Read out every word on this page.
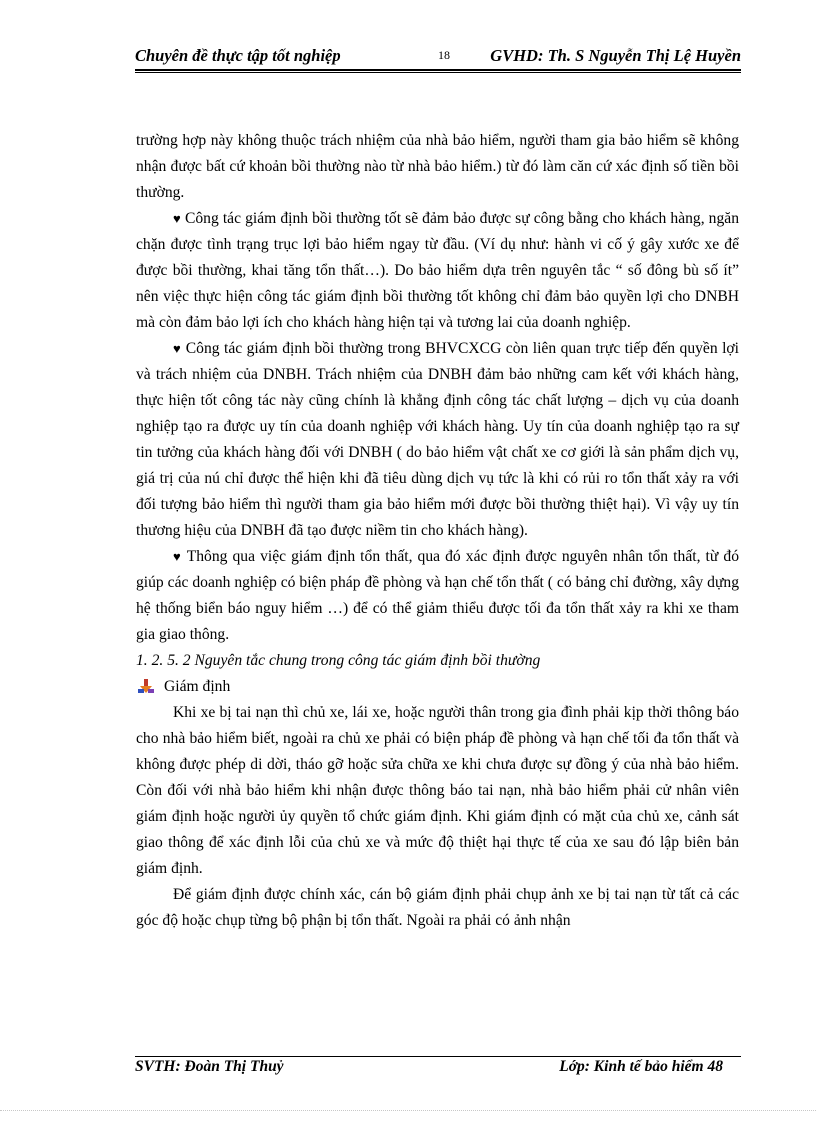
Chuyên đề thực tập tốt nghiệp	18 GVHD: Th. S Nguyễn Thị Lệ Huyền

trường hợp này không thuộc trách nhiệm của nhà bảo hiểm, người tham gia bảo hiểm sẽ không nhận được bất cứ khoản bồi thường nào từ nhà bảo hiểm.) từ đó làm căn cứ xác định số tiền bồi thường.

♥ Công tác giám định bồi thường tốt sẽ đảm bảo được sự công bằng cho khách hàng, ngăn chặn được tình trạng trục lợi bảo hiểm ngay từ đầu. (Ví dụ như: hành vi cố ý gây xước xe để được bồi thường, khai tăng tổn thất…). Do bảo hiểm dựa trên nguyên tắc “ số đông bù số ít” nên việc thực hiện công tác giám định bồi thường tốt không chỉ đảm bảo quyền lợi cho DNBH mà còn đảm bảo lợi ích cho khách hàng hiện tại và tương lai của doanh nghiệp.

♥ Công tác giám định bồi thường trong BHVCXCG còn liên quan trực tiếp đến quyền lợi và trách nhiệm của DNBH. Trách nhiệm của DNBH đảm bảo những cam kết với khách hàng, thực hiện tốt công tác này cũng chính là khẳng định công tác chất lượng – dịch vụ của doanh nghiệp tạo ra được uy tín của doanh nghiệp với khách hàng. Uy tín của doanh nghiệp tạo ra sự tin tưởng của khách hàng đối với DNBH ( do bảo hiểm vật chất xe cơ giới là sản phẩm dịch vụ, giá trị của nú chỉ được thể hiện khi đã tiêu dùng dịch vụ tức là khi có rủi ro tổn thất xảy ra với đối tượng bảo hiểm thì người tham gia bảo hiểm mới được bồi thường thiệt hại). Vì vậy uy tín thương hiệu của DNBH đã tạo được niềm tin cho khách hàng).

♥ Thông qua việc giám định tổn thất, qua đó xác định được nguyên nhân tổn thất, từ đó giúp các doanh nghiệp có biện pháp đề phòng và hạn chế tổn thất ( có bảng chỉ đường, xây dựng hệ thống biển báo nguy hiểm …) để có thể giảm thiểu được tối đa tổn thất xảy ra khi xe tham gia giao thông.

1. 2. 5. 2 Nguyên tắc chung trong công tác giám định bồi thường

Giám định

Khi xe bị tai nạn thì chủ xe, lái xe, hoặc người thân trong gia đình phải kịp thời thông báo cho nhà bảo hiểm biết, ngoài ra chủ xe phải có biện pháp đề phòng và hạn chế tối đa tổn thất và không được phép di dời, tháo gỡ hoặc sửa chữa xe khi chưa được sự đồng ý của nhà bảo hiểm. Còn đối với nhà bảo hiểm khi nhận được thông báo tai nạn, nhà bảo hiểm phải cử nhân viên giám định hoặc người ủy quyền tổ chức giám định. Khi giám định có mặt của chủ xe, cảnh sát giao thông để xác định lỗi của chủ xe và mức độ thiệt hại thực tế của xe sau đó lập biên bản giám định.

Để giám định được chính xác, cán bộ giám định phải chụp ảnh xe bị tai nạn từ tất cả các góc độ hoặc chụp từng bộ phận bị tổn thất. Ngoài ra phải có ảnh nhận

SVTH: Đoàn Thị Thuỷ	Lớp: Kinh tế bảo hiểm 48
